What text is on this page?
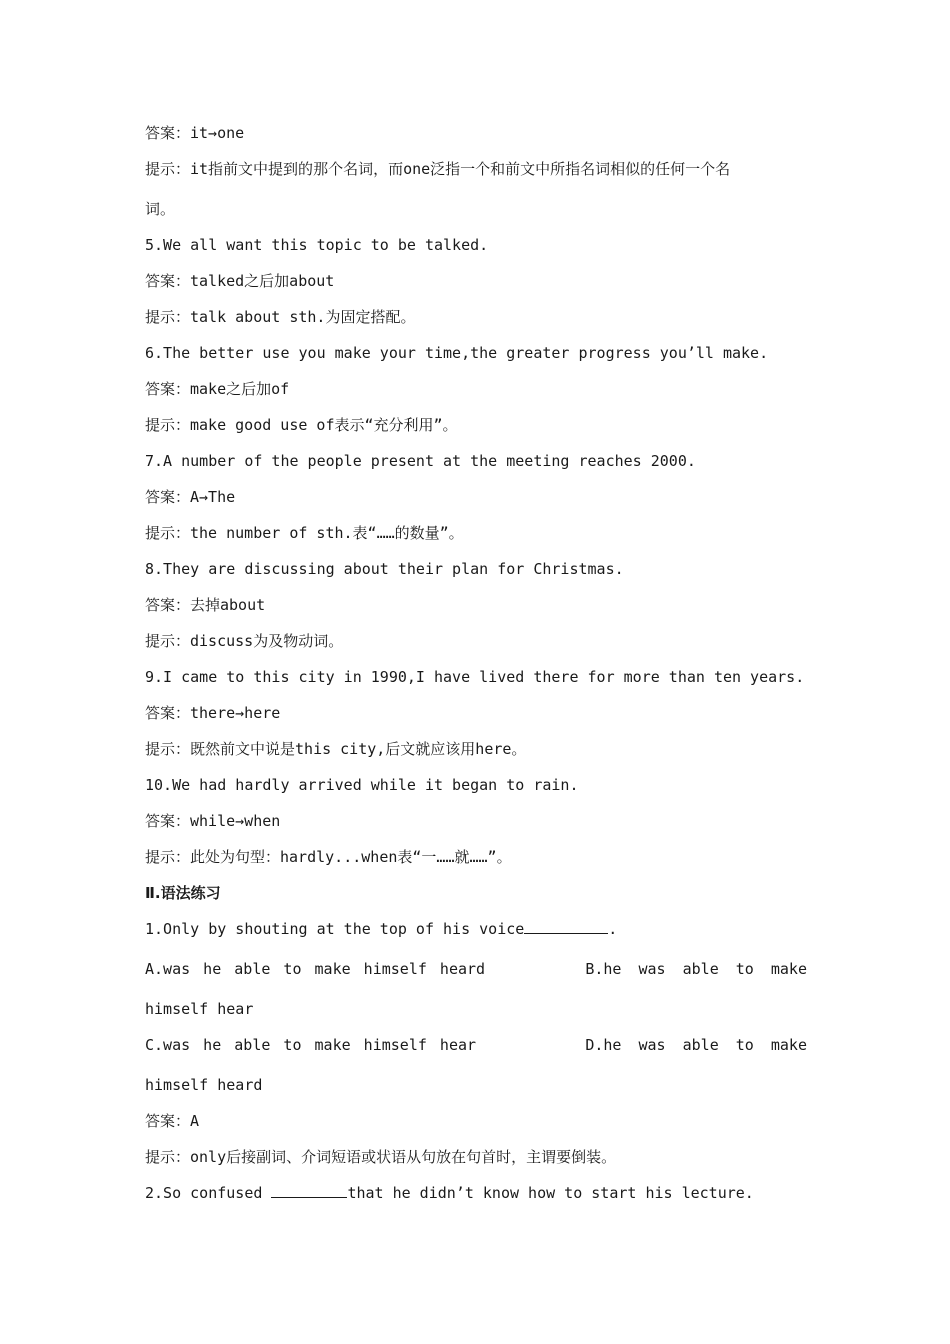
答案：it→one
提示：it指前文中提到的那个名词，而one泛指一个和前文中所指名词相似的任何一个名
词。
5.We all want this topic to be talked.
答案：talked之后加about
提示：talk about sth.为固定搭配。
6.The better use you make your time,the greater progress you’ll make.
答案：make之后加of
提示：make good use of表示“充分利用”。
7.A number of the people present at the meeting reaches 2000.
答案：A→The
提示：the number of sth.表“……的数量”。
8.They are discussing about their plan for Christmas.
答案：去掉about
提示：discuss为及物动词。
9.I came to this city in 1990,I have lived there for more than ten years.
答案：there→here
提示：既然前文中说是this city,后文就应该用here。
10.We had hardly arrived while it began to rain.
答案：while→when
提示：此处为句型：hardly...when表“一……就……”。
Ⅱ.语法练习
1.Only by shouting at the top of his voice	.
A.was he able to make himself heard	B.he was able to make
himself hear
C.was he able to make himself hear	D.he was able to make
himself heard
答案：A
提示：only后接副词、介词短语或状语从句放在句首时，主谓要倒装。
2.So confused	that he didn’t know how to start his lecture.
